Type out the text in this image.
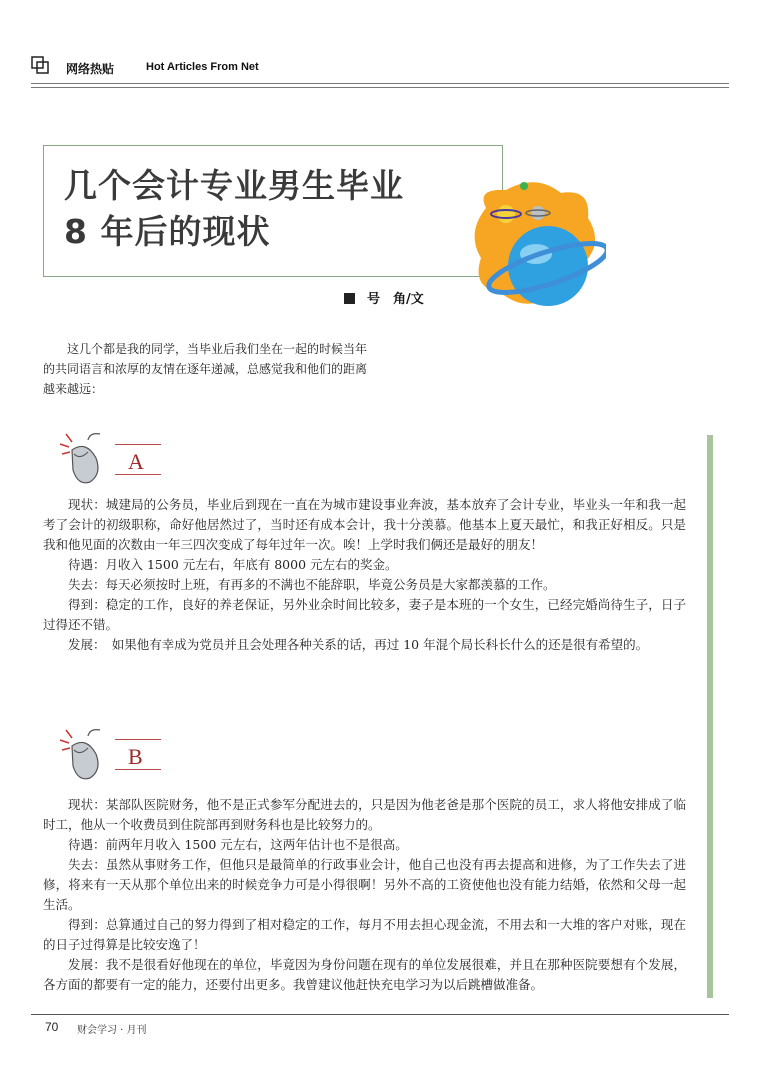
网络热贴	Hot Articles From Net
几个会计专业男生毕业
8 年后的现状
号　角/文

这几个都是我的同学，当毕业后我们坐在一起的时候当年的共同语言和浓厚的友情在逐年递减，总感觉我和他们的距离越来越远：

A

现状：城建局的公务员，毕业后到现在一直在为城市建设事业奔波，基本放弃了会计专业，毕业头一年和我一起考了会计的初级职称，命好他居然过了，当时还有成本会计，我十分羡慕。他基本上夏天最忙，和我正好相反。只是我和他见面的次数由一年三四次变成了每年过年一次。唉！上学时我们俩还是最好的朋友！

待遇：月收入 1500 元左右，年底有 8000 元左右的奖金。

失去：每天必须按时上班，有再多的不满也不能辞职，毕竟公务员是大家都羡慕的工作。

得到：稳定的工作，良好的养老保证，另外业余时间比较多，妻子是本班的一个女生，已经完婚尚待生子，日子过得还不错。

发展：　如果他有幸成为党员并且会处理各种关系的话，再过 10 年混个局长科长什么的还是很有希望的。

B

现状：某部队医院财务，他不是正式参军分配进去的，只是因为他老爸是那个医院的员工，求人将他安排成了临时工，他从一个收费员到住院部再到财务科也是比较努力的。

待遇：前两年月收入 1500 元左右，这两年估计也不是很高。

失去：虽然从事财务工作，但他只是最简单的行政事业会计，他自己也没有再去提高和进修，为了工作失去了进修，将来有一天从那个单位出来的时候竞争力可是小得很啊！另外不高的工资使他也没有能力结婚，依然和父母一起生活。

得到：总算通过自己的努力得到了相对稳定的工作，每月不用去担心现金流，不用去和一大堆的客户对账，现在的日子过得算是比较安逸了！

发展：我不是很看好他现在的单位，毕竟因为身份问题在现有的单位发展很难，并且在那种医院要想有个发展，各方面的都要有一定的能力，还要付出更多。我曾建议他赶快充电学习为以后跳槽做准备。

70 财会学习 · 月刊
